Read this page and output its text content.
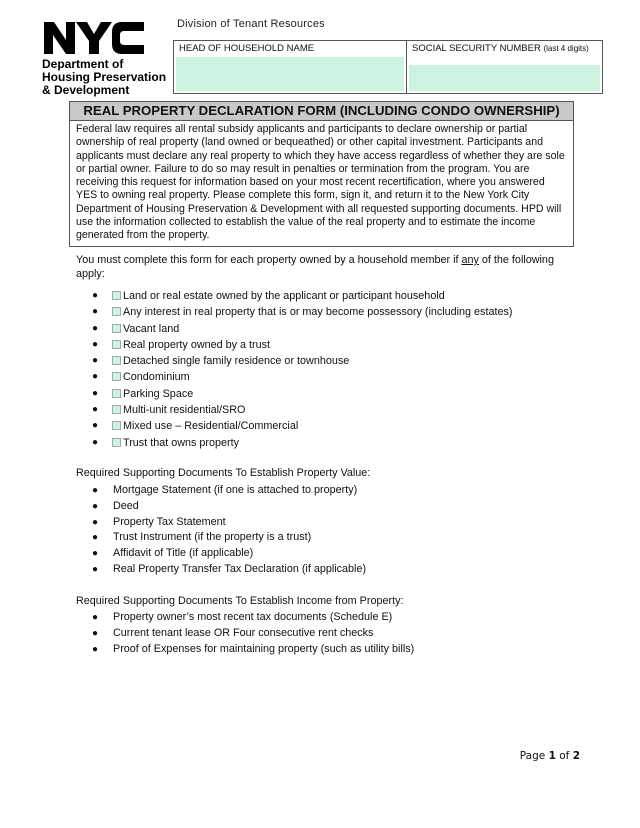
Department of
Housing Preservation
& Development
Division of Tenant Resources
HEAD OF HOUSEHOLD NAME	SOCIAL SECURITY NUMBER (last 4 digits)
REAL PROPERTY DECLARATION FORM (INCLUDING CONDO OWNERSHIP)
Federal law requires all rental subsidy applicants and participants to declare ownership or partial ownership of real property (land owned or bequeathed) or other capital investment. Participants and applicants must declare any real property to which they have access regardless of whether they are sole or partial owner. Failure to do so may result in penalties or termination from the program. You are receiving this request for information based on your most recent recertification, where you answered YES to owning real property. Please complete this form, sign it, and return it to the New York City Department of Housing Preservation & Development with all requested supporting documents. HPD will use the information collected to establish the value of the real property and to estimate the income generated from the property.
You must complete this form for each property owned by a household member if any of the following apply:
● Land or real estate owned by the applicant or participant household
● Any interest in real property that is or may become possessory (including estates)
● Vacant land
● Real property owned by a trust
● Detached single family residence or townhouse
● Condominium
● Parking Space
● Multi-unit residential/SRO
● Mixed use – Residential/Commercial
● Trust that owns property
Required Supporting Documents To Establish Property Value:
● Mortgage Statement (if one is attached to property)
● Deed
● Property Tax Statement
● Trust Instrument (if the property is a trust)
● Affidavit of Title (if applicable)
● Real Property Transfer Tax Declaration (if applicable)
Required Supporting Documents To Establish Income from Property:
● Property owner’s most recent tax documents (Schedule E)
● Current tenant lease OR Four consecutive rent checks
● Proof of Expenses for maintaining property (such as utility bills)
Page 1 of 2
